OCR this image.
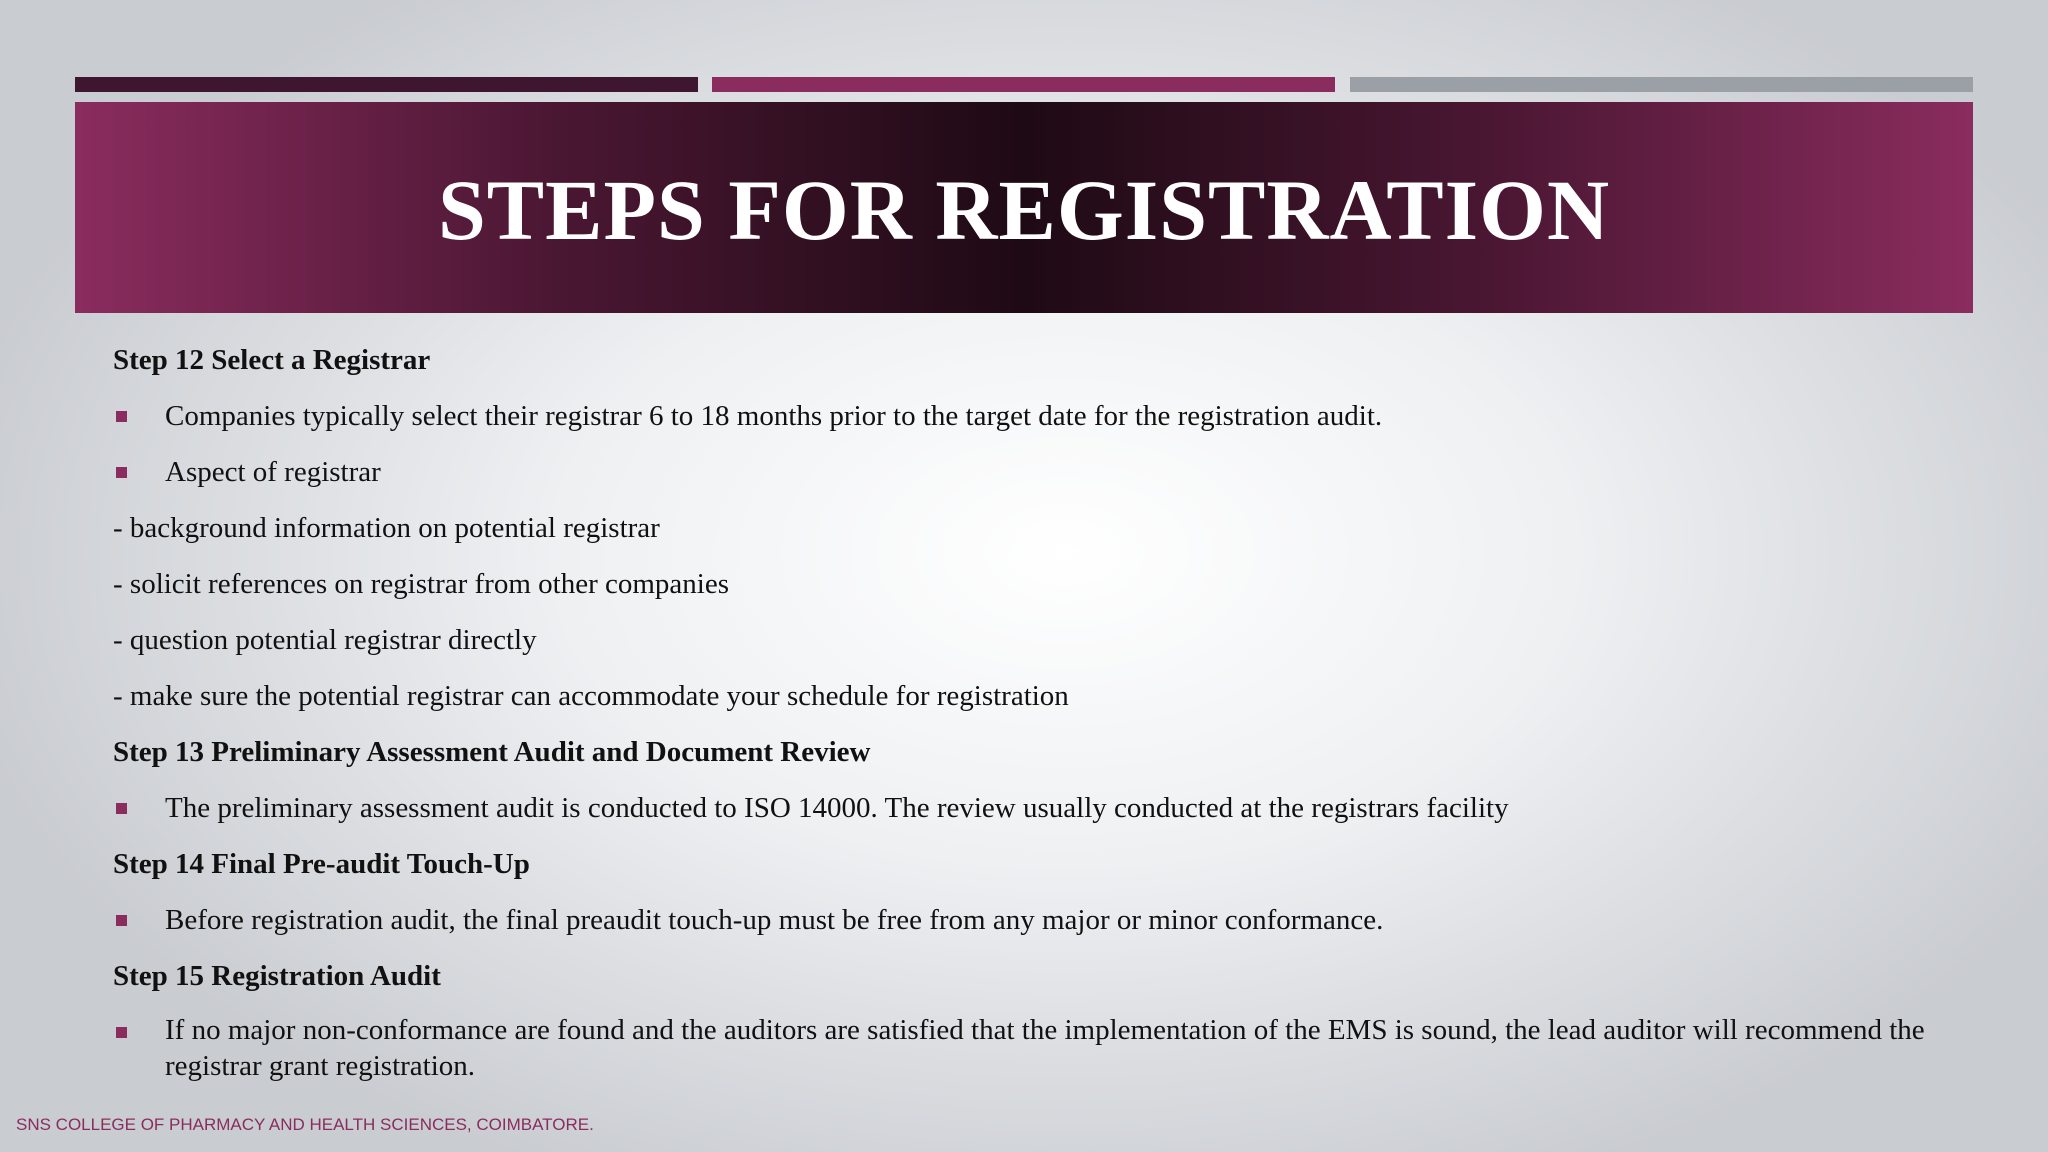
STEPS FOR REGISTRATION
Step 12 Select a Registrar
Companies typically select their registrar 6 to 18 months prior to the target date for the registration audit.
Aspect of registrar
- background information on potential registrar
- solicit references on registrar from other companies
- question potential registrar directly
- make sure the potential registrar can accommodate your schedule for registration
Step 13 Preliminary Assessment Audit and Document Review
The preliminary assessment audit is conducted to ISO 14000. The review usually conducted at the registrars facility
Step 14 Final Pre-audit Touch-Up
Before registration audit, the final preaudit touch-up must be free from any major or minor conformance.
Step 15 Registration Audit
If no major non-conformance are found and the auditors are satisfied that the implementation of the EMS is sound, the lead auditor will recommend the registrar grant registration.
SNS COLLEGE OF PHARMACY AND HEALTH SCIENCES, COIMBATORE.
